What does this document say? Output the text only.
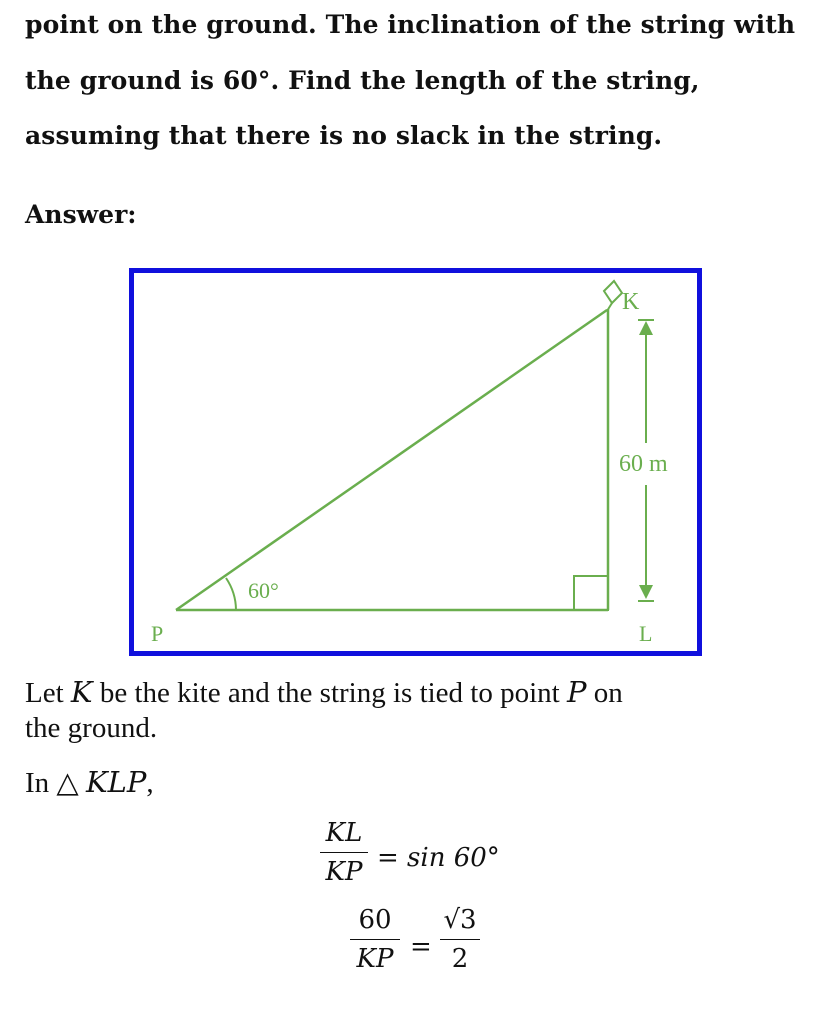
point on the ground. The inclination of the string with
the ground is 60°. Find the length of the string,
assuming that there is no slack in the string.
Answer:
K
P	L
60 m
60°
Let K be the kite and the string is tied to point P on
the ground.
In △ KLP,
KL
KP = sin 60°
60
KP =
√3
2
